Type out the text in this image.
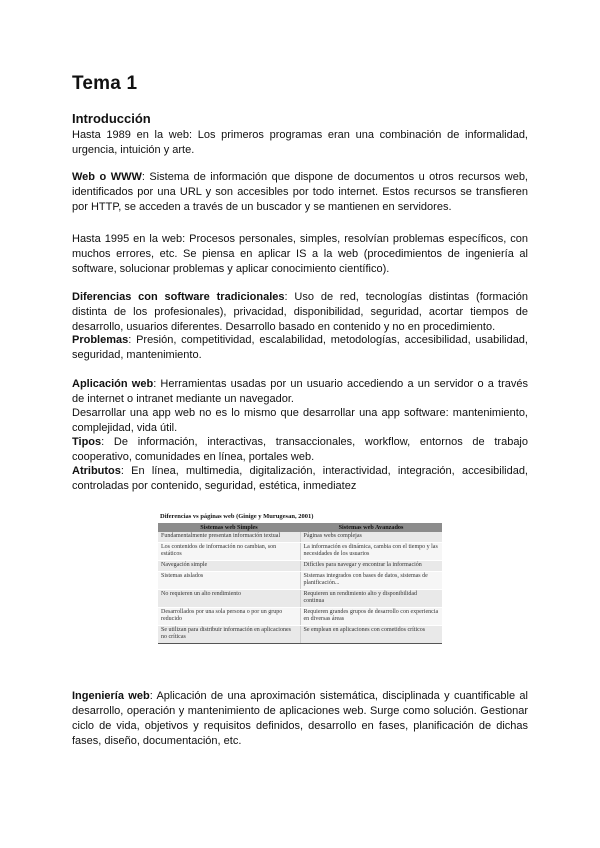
Tema 1
Introducción

Hasta 1989 en la web: Los primeros programas eran una combinación de informalidad, urgencia, intuición y arte.

Web o WWW: Sistema de información que dispone de documentos u otros recursos web, identificados por una URL y son accesibles por todo internet. Estos recursos se transfieren por HTTP, se acceden a través de un buscador y se mantienen en servidores.

Hasta 1995 en la web: Procesos personales, simples, resolvían problemas específicos, con muchos errores, etc. Se piensa en aplicar IS a la web (procedimientos de ingeniería al software, solucionar problemas y aplicar conocimiento científico).

Diferencias con software tradicionales: Uso de red, tecnologías distintas (formación distinta de los profesionales), privacidad, disponibilidad, seguridad, acortar tiempos de desarrollo, usuarios diferentes. Desarrollo basado en contenido y no en procedimiento.

Problemas: Presión, competitividad, escalabilidad, metodologías, accesibilidad, usabilidad, seguridad, mantenimiento.

Aplicación web: Herramientas usadas por un usuario accediendo a un servidor o a través de internet o intranet mediante un navegador.

Desarrollar una app web no es lo mismo que desarrollar una app software: mantenimiento, complejidad, vida útil.

Tipos: De información, interactivas, transaccionales, workflow, entornos de trabajo cooperativo, comunidades en línea, portales web.

Atributos: En línea, multimedia, digitalización, interactividad, integración, accesibilidad, controladas por contenido, seguridad, estética, inmediatez

Diferencias vs páginas web (Ginige y Murugesan, 2001)
Sistemas web Simples	Sistemas web Avanzados
Fundamentalmente presentan información textual	Páginas webs complejas
Los contenidos de información no cambian, son estáticos	La información es dinámica, cambia con el tiempo y las necesidades de los usuarios
Navegación simple	Difíciles para navegar y encontrar la información
Sistemas aislados	Sistemas integrados con bases de datos, sistemas de planificación...
No requieren un alto rendimiento	Requieren un rendimiento alto y disponibilidad continua
Desarrollados por una sola persona o por un grupo reducido	Requieren grandes grupos de desarrollo con experiencia en diversas áreas
Se utilizan para distribuir información en aplicaciones no críticas	Se emplean en aplicaciones con cometidos críticos

Ingeniería web: Aplicación de una aproximación sistemática, disciplinada y cuantificable al desarrollo, operación y mantenimiento de aplicaciones web. Surge como solución. Gestionar ciclo de vida, objetivos y requisitos definidos, desarrollo en fases, planificación de dichas fases, diseño, documentación, etc.
